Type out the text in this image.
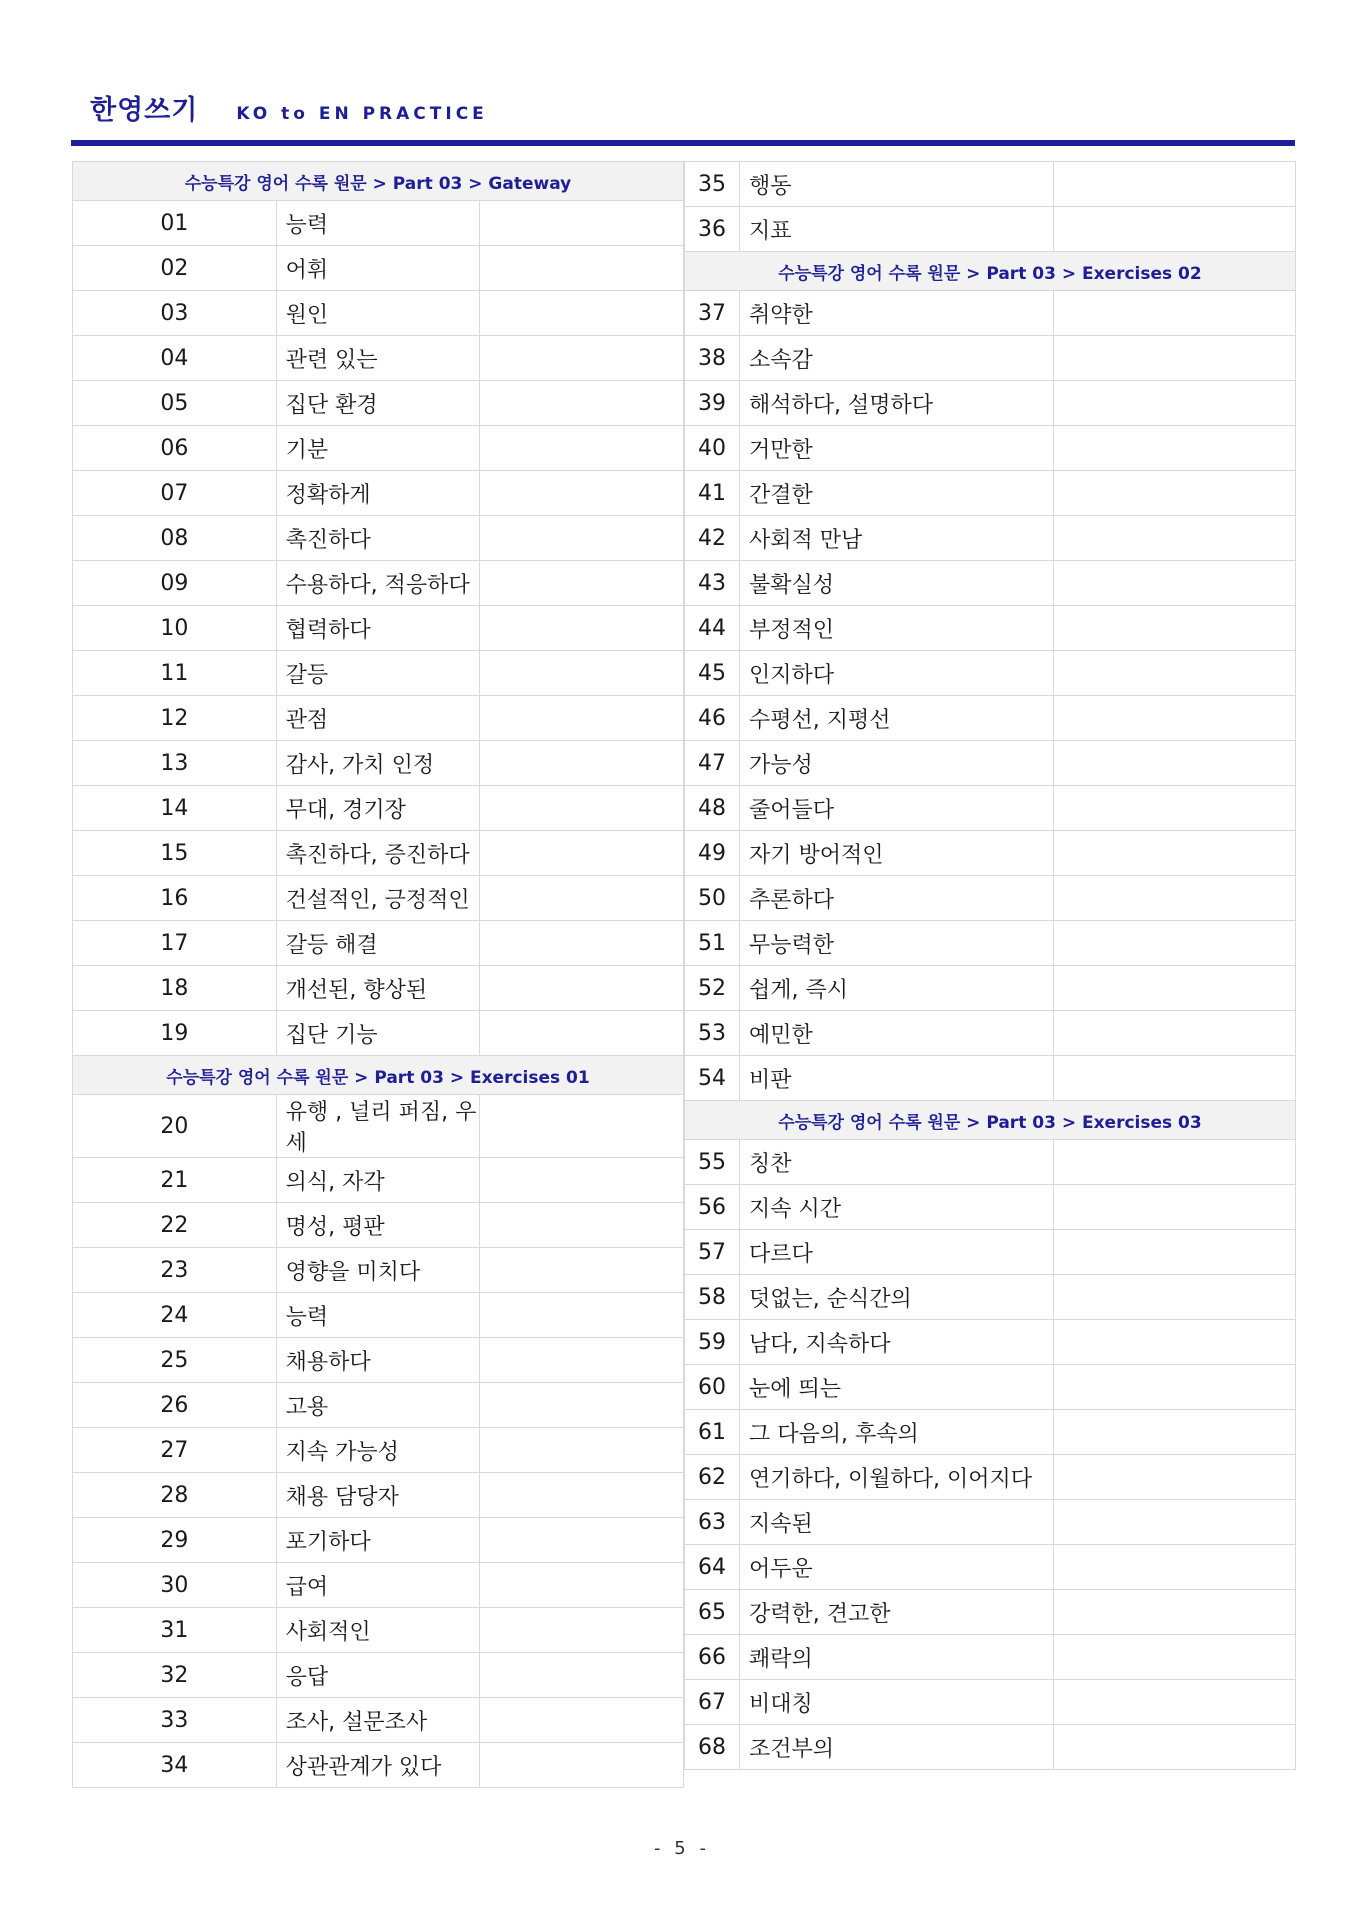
한영쓰기 KO to EN PRACTICE
수능특강 영어 수록 원문 > Part 03 > Gateway		
01	능력	
02	어휘	
03	원인	
04	관련 있는	
05	집단 환경	
06	기분	
07	정확하게	
08	촉진하다	
09	수용하다, 적응하다	
10	협력하다	
11	갈등	
12	관점	
13	감사, 가치 인정	
14	무대, 경기장	
15	촉진하다, 증진하다	
16	건설적인, 긍정적인	
17	갈등 해결	
18	개선된, 향상된	
19	집단 기능	
수능특강 영어 수록 원문 > Part 03 > Exercises 01		
20	유행 , 널리 퍼짐, 우세	
21	의식, 자각	
22	명성, 평판	
23	영향을 미치다	
24	능력	
25	채용하다	
26	고용	
27	지속 가능성	
28	채용 담당자	
29	포기하다	
30	급여	
31	사회적인	
32	응답	
33	조사, 설문조사	
34	상관관계가 있다	
35	행동	
36	지표	
수능특강 영어 수록 원문 > Part 03 > Exercises 02		
37	취약한	
38	소속감	
39	해석하다, 설명하다	
40	거만한	
41	간결한	
42	사회적 만남	
43	불확실성	
44	부정적인	
45	인지하다	
46	수평선, 지평선	
47	가능성	
48	줄어들다	
49	자기 방어적인	
50	추론하다	
51	무능력한	
52	쉽게, 즉시	
53	예민한	
54	비판	
수능특강 영어 수록 원문 > Part 03 > Exercises 03		
55	칭찬	
56	지속 시간	
57	다르다	
58	덧없는, 순식간의	
59	남다, 지속하다	
60	눈에 띄는	
61	그 다음의, 후속의	
62	연기하다, 이월하다, 이어지다	
63	지속된	
64	어두운	
65	강력한, 견고한	
66	쾌락의	
67	비대칭	
68	조건부의	
- 5 -
